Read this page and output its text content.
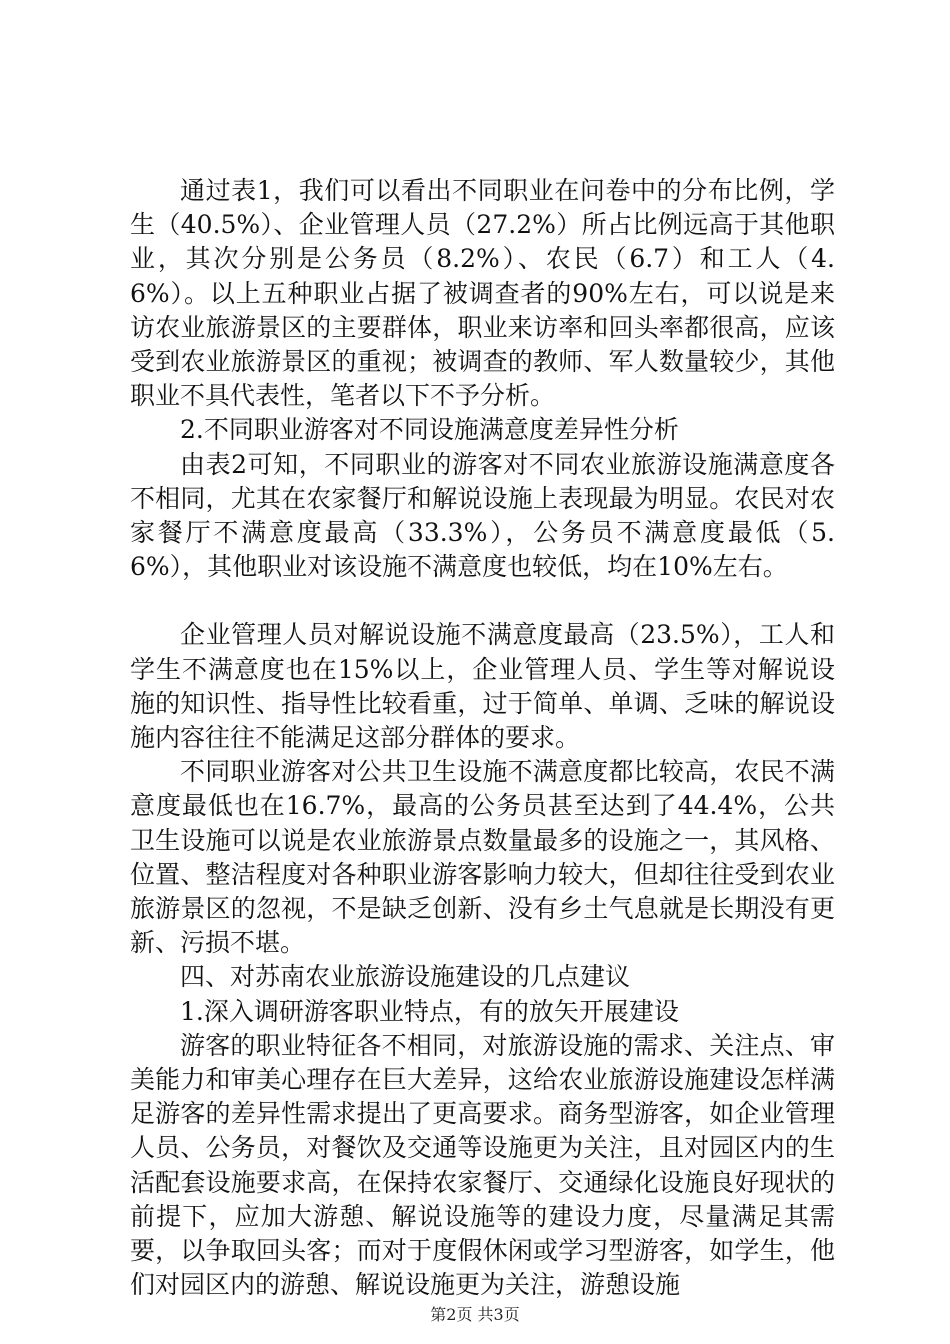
通过表1，我们可以看出不同职业在问卷中的分布比例，学生（40.5%）、企业管理人员（27.2%）所占比例远高于其他职业，其次分别是公务员（8.2%）、农民（6.7）和工人（4.6%）。以上五种职业占据了被调查者的90%左右，可以说是来访农业旅游景区的主要群体，职业来访率和回头率都很高，应该受到农业旅游景区的重视；被调查的教师、军人数量较少，其他职业不具代表性，笔者以下不予分析。

2.不同职业游客对不同设施满意度差异性分析

由表2可知，不同职业的游客对不同农业旅游设施满意度各不相同，尤其在农家餐厅和解说设施上表现最为明显。农民对农家餐厅不满意度最高（33.3%），公务员不满意度最低（5.6%），其他职业对该设施不满意度也较低，均在10%左右。

企业管理人员对解说设施不满意度最高（23.5%），工人和学生不满意度也在15%以上，企业管理人员、学生等对解说设施的知识性、指导性比较看重，过于简单、单调、乏味的解说设施内容往往不能满足这部分群体的要求。

不同职业游客对公共卫生设施不满意度都比较高，农民不满意度最低也在16.7%，最高的公务员甚至达到了44.4%，公共卫生设施可以说是农业旅游景点数量最多的设施之一，其风格、位置、整洁程度对各种职业游客影响力较大，但却往往受到农业旅游景区的忽视，不是缺乏创新、没有乡土气息就是长期没有更新、污损不堪。

四、对苏南农业旅游设施建设的几点建议

1.深入调研游客职业特点，有的放矢开展建设

游客的职业特征各不相同，对旅游设施的需求、关注点、审美能力和审美心理存在巨大差异，这给农业旅游设施建设怎样满足游客的差异性需求提出了更高要求。商务型游客，如企业管理人员、公务员，对餐饮及交通等设施更为关注，且对园区内的生活配套设施要求高，在保持农家餐厅、交通绿化设施良好现状的前提下，应加大游憩、解说设施等的建设力度，尽量满足其需要，以争取回头客；而对于度假休闲或学习型游客，如学生，他们对园区内的游憩、解说设施更为关注，游憩设施

第2页 共3页
